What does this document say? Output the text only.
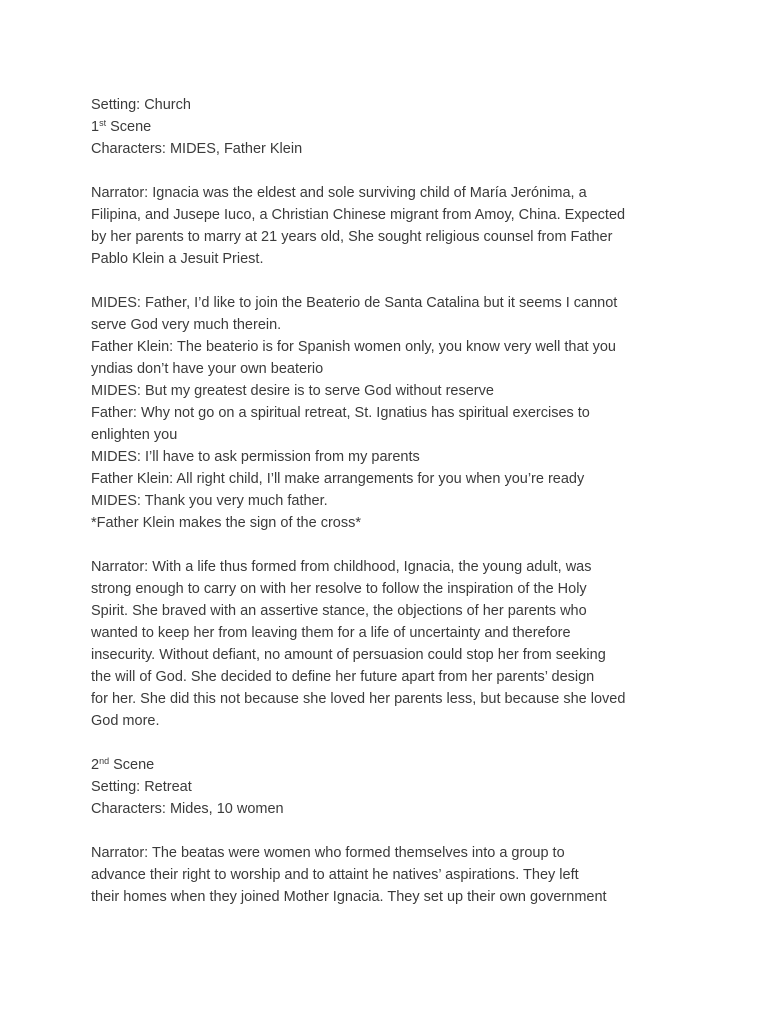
Setting: Church
1st Scene
Characters: MIDES, Father Klein
Narrator: Ignacia was the eldest and sole surviving child of María Jerónima, a
Filipina, and Jusepe Iuco, a Christian Chinese migrant from Amoy, China. Expected
by her parents to marry at 21 years old, She sought religious counsel from Father
Pablo Klein a Jesuit Priest.
MIDES: Father, I’d like to join the Beaterio de Santa Catalina but it seems I cannot
serve God very much therein.
Father Klein: The beaterio is for Spanish women only, you know very well that you
yndias don’t have your own beaterio
MIDES: But my greatest desire is to serve God without reserve
Father: Why not go on a spiritual retreat, St. Ignatius has spiritual exercises to
enlighten you
MIDES: I’ll have to ask permission from my parents
Father Klein: All right child, I’ll make arrangements for you when you’re ready
MIDES: Thank you very much father.
*Father Klein makes the sign of the cross*
Narrator: With a life thus formed from childhood, Ignacia, the young adult, was
strong enough to carry on with her resolve to follow the inspiration of the Holy
Spirit. She braved with an assertive stance, the objections of her parents who
wanted to keep her from leaving them for a life of uncertainty and therefore
insecurity. Without defiant, no amount of persuasion could stop her from seeking
the will of God. She decided to define her future apart from her parents’ design
for her. She did this not because she loved her parents less, but because she loved
God more.
2nd Scene
Setting: Retreat
Characters: Mides, 10 women
Narrator: The beatas were women who formed themselves into a group to
advance their right to worship and to attaint he natives’ aspirations. They left
their homes when they joined Mother Ignacia. They set up their own government
